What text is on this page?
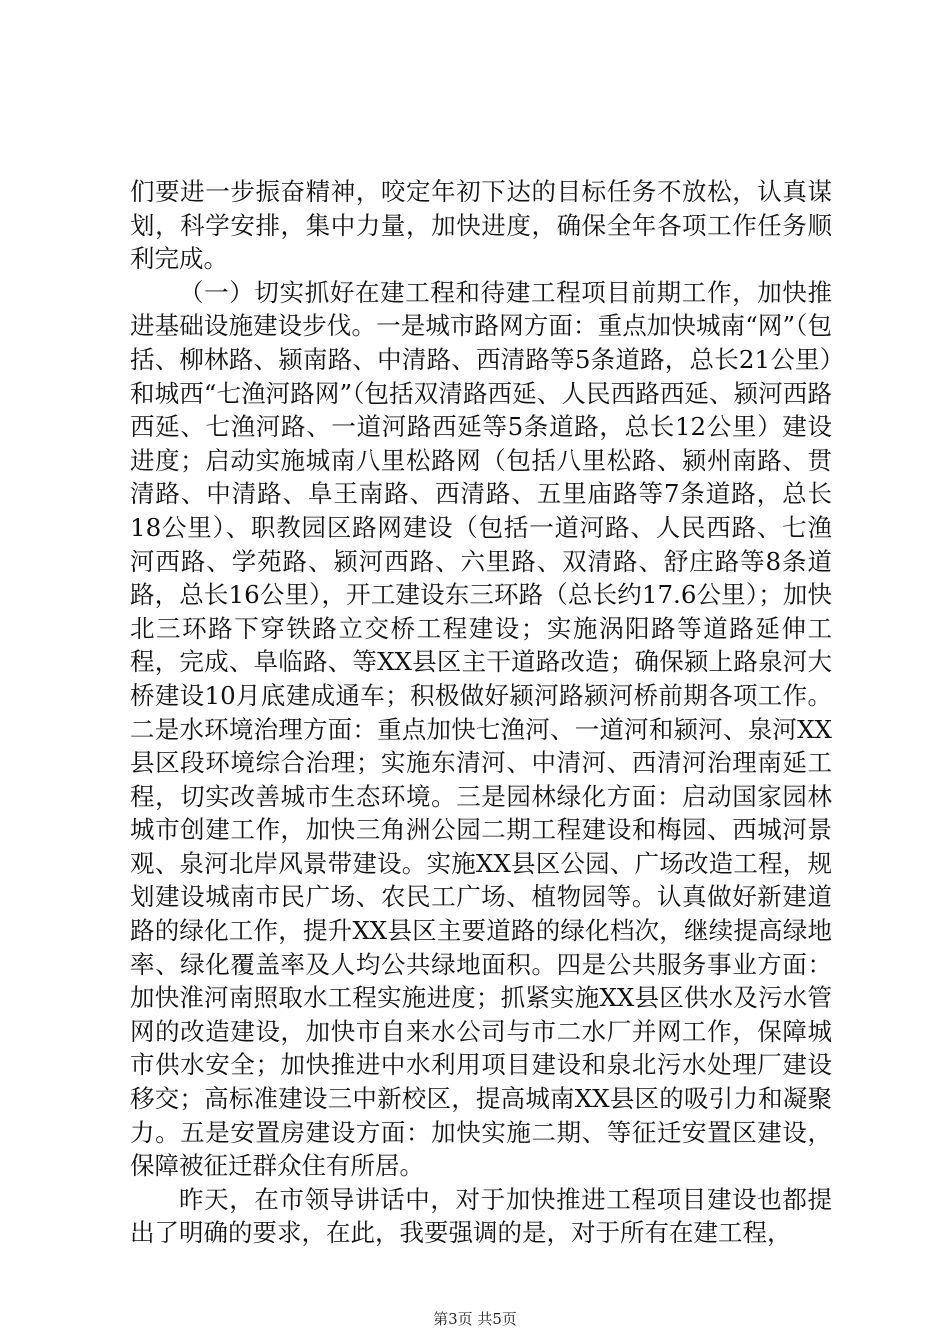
们要进一步振奋精神，咬定年初下达的目标任务不放松，认真谋划，科学安排，集中力量，加快进度，确保全年各项工作任务顺利完成。

（一）切实抓好在建工程和待建工程项目前期工作，加快推进基础设施建设步伐。一是城市路网方面：重点加快城南“网”（包括、柳林路、颍南路、中清路、西清路等5条道路，总长21公里）和城西“七渔河路网”（包括双清路西延、人民西路西延、颍河西路西延、七渔河路、一道河路西延等5条道路，总长12公里）建设进度；启动实施城南八里松路网（包括八里松路、颍州南路、贯清路、中清路、阜王南路、西清路、五里庙路等7条道路，总长18公里）、职教园区路网建设（包括一道河路、人民西路、七渔河西路、学苑路、颍河西路、六里路、双清路、舒庄路等8条道路，总长16公里），开工建设东三环路（总长约17.6公里）；加快北三环路下穿铁路立交桥工程建设；实施涡阳路等道路延伸工程，完成、阜临路、等XX县区主干道路改造；确保颍上路泉河大桥建设10月底建成通车；积极做好颍河路颍河桥前期各项工作。二是水环境治理方面：重点加快七渔河、一道河和颍河、泉河XX县区段环境综合治理；实施东清河、中清河、西清河治理南延工程，切实改善城市生态环境。三是园林绿化方面：启动国家园林城市创建工作，加快三角洲公园二期工程建设和梅园、西城河景观、泉河北岸风景带建设。实施XX县区公园、广场改造工程，规划建设城南市民广场、农民工广场、植物园等。认真做好新建道路的绿化工作，提升XX县区主要道路的绿化档次，继续提高绿地率、绿化覆盖率及人均公共绿地面积。四是公共服务事业方面：加快淮河南照取水工程实施进度；抓紧实施XX县区供水及污水管网的改造建设，加快市自来水公司与市二水厂并网工作，保障城市供水安全；加快推进中水利用项目建设和泉北污水处理厂建设移交；高标准建设三中新校区，提高城南XX县区的吸引力和凝聚力。五是安置房建设方面：加快实施二期、等征迁安置区建设，保障被征迁群众住有所居。

昨天，在市领导讲话中，对于加快推进工程项目建设也都提出了明确的要求，在此，我要强调的是，对于所有在建工程，

第3页 共5页
